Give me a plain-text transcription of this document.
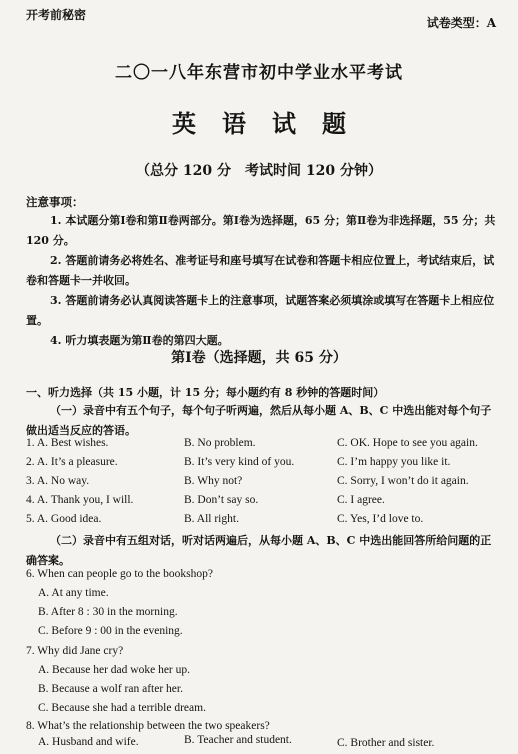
开考前秘密
试卷类型：A
二〇一八年东营市初中学业水平考试
英语试题
（总分 120 分　考试时间 120 分钟）
注意事项：

1. 本试题分第Ⅰ卷和第Ⅱ卷两部分。第Ⅰ卷为选择题，65 分；第Ⅱ卷为非选择题，55 分；共 120 分。

2. 答题前请务必将姓名、准考证号和座号填写在试卷和答题卡相应位置上，考试结束后，试卷和答题卡一并收回。

3. 答题前请务必认真阅读答题卡上的注意事项，试题答案必须填涂或填写在答题卡上相应位置。

4. 听力填表题为第Ⅱ卷的第四大题。

第Ⅰ卷（选择题，共 65 分）
一、听力选择（共 15 小题，计 15 分；每小题约有 8 秒钟的答题时间）

（一）录音中有五个句子，每个句子听两遍，然后从每小题 A、B、C 中选出能对每个句子做出适当反应的答语。

1. A. Best wishes.	B. No problem.	C. OK. Hope to see you again.
2. A. It’s a pleasure.	B. It’s very kind of you.	C. I’m happy you like it.
3. A. No way.	B. Why not?	C. Sorry, I won’t do it again.
4. A. Thank you, I will.	B. Don’t say so.	C. I agree.
5. A. Good idea.	B. All right.	C. Yes, I’d love to.

（二）录音中有五组对话，听对话两遍后，从每小题 A、B、C 中选出能回答所给问题的正确答案。

6. When can people go to the bookshop?
A. At any time.
B. After 8 : 30 in the morning.
C. Before 9 : 00 in the evening.
7. Why did Jane cry?
A. Because her dad woke her up.
B. Because a wolf ran after her.
C. Because she had a terrible dream.
8. What’s the relationship between the two speakers?
A. Husband and wife.	B. Teacher and student.	C. Brother and sister.
